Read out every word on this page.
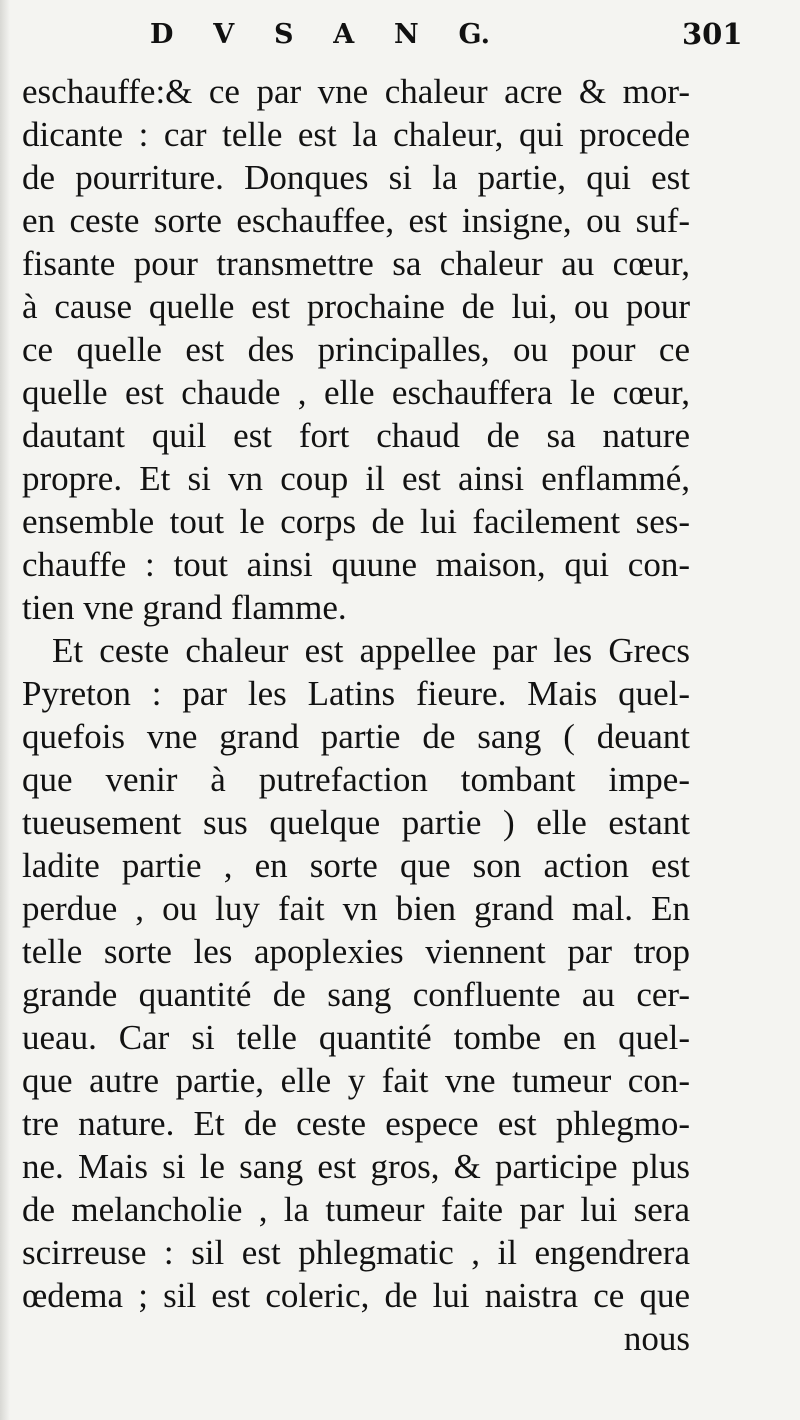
D V S A N G.	301
eschauffe:& ce par vne chaleur acre & mor-
dicante : car telle est la chaleur, qui procede
de pourriture. Donques si la partie, qui est
en ceste sorte eschauffee, est insigne, ou suf-
fisante pour transmettre sa chaleur au cœur,
à cause quelle est prochaine de lui, ou pour
ce quelle est des principalles, ou pour ce
quelle est chaude , elle eschauffera le cœur,
dautant quil est fort chaud de sa nature
propre. Et si vn coup il est ainsi enflammé,
ensemble tout le corps de lui facilement ses-
chauffe : tout ainsi quune maison, qui con-
tien vne grand flamme.
Et ceste chaleur est appellee par les Grecs
Pyreton : par les Latins fieure. Mais quel-
quefois vne grand partie de sang ( deuant
que venir à putrefaction tombant impe-
tueusement sus quelque partie ) elle estant
ladite partie , en sorte que son action est
perdue , ou luy fait vn bien grand mal. En
telle sorte les apoplexies viennent par trop
grande quantité de sang confluente au cer-
ueau. Car si telle quantité tombe en quel-
que autre partie, elle y fait vne tumeur con-
tre nature. Et de ceste espece est phlegmo-
ne. Mais si le sang est gros, & participe plus
de melancholie , la tumeur faite par lui sera
scirreuse : sil est phlegmatic , il engendrera
œdema ; sil est coleric, de lui naistra ce que
nous
